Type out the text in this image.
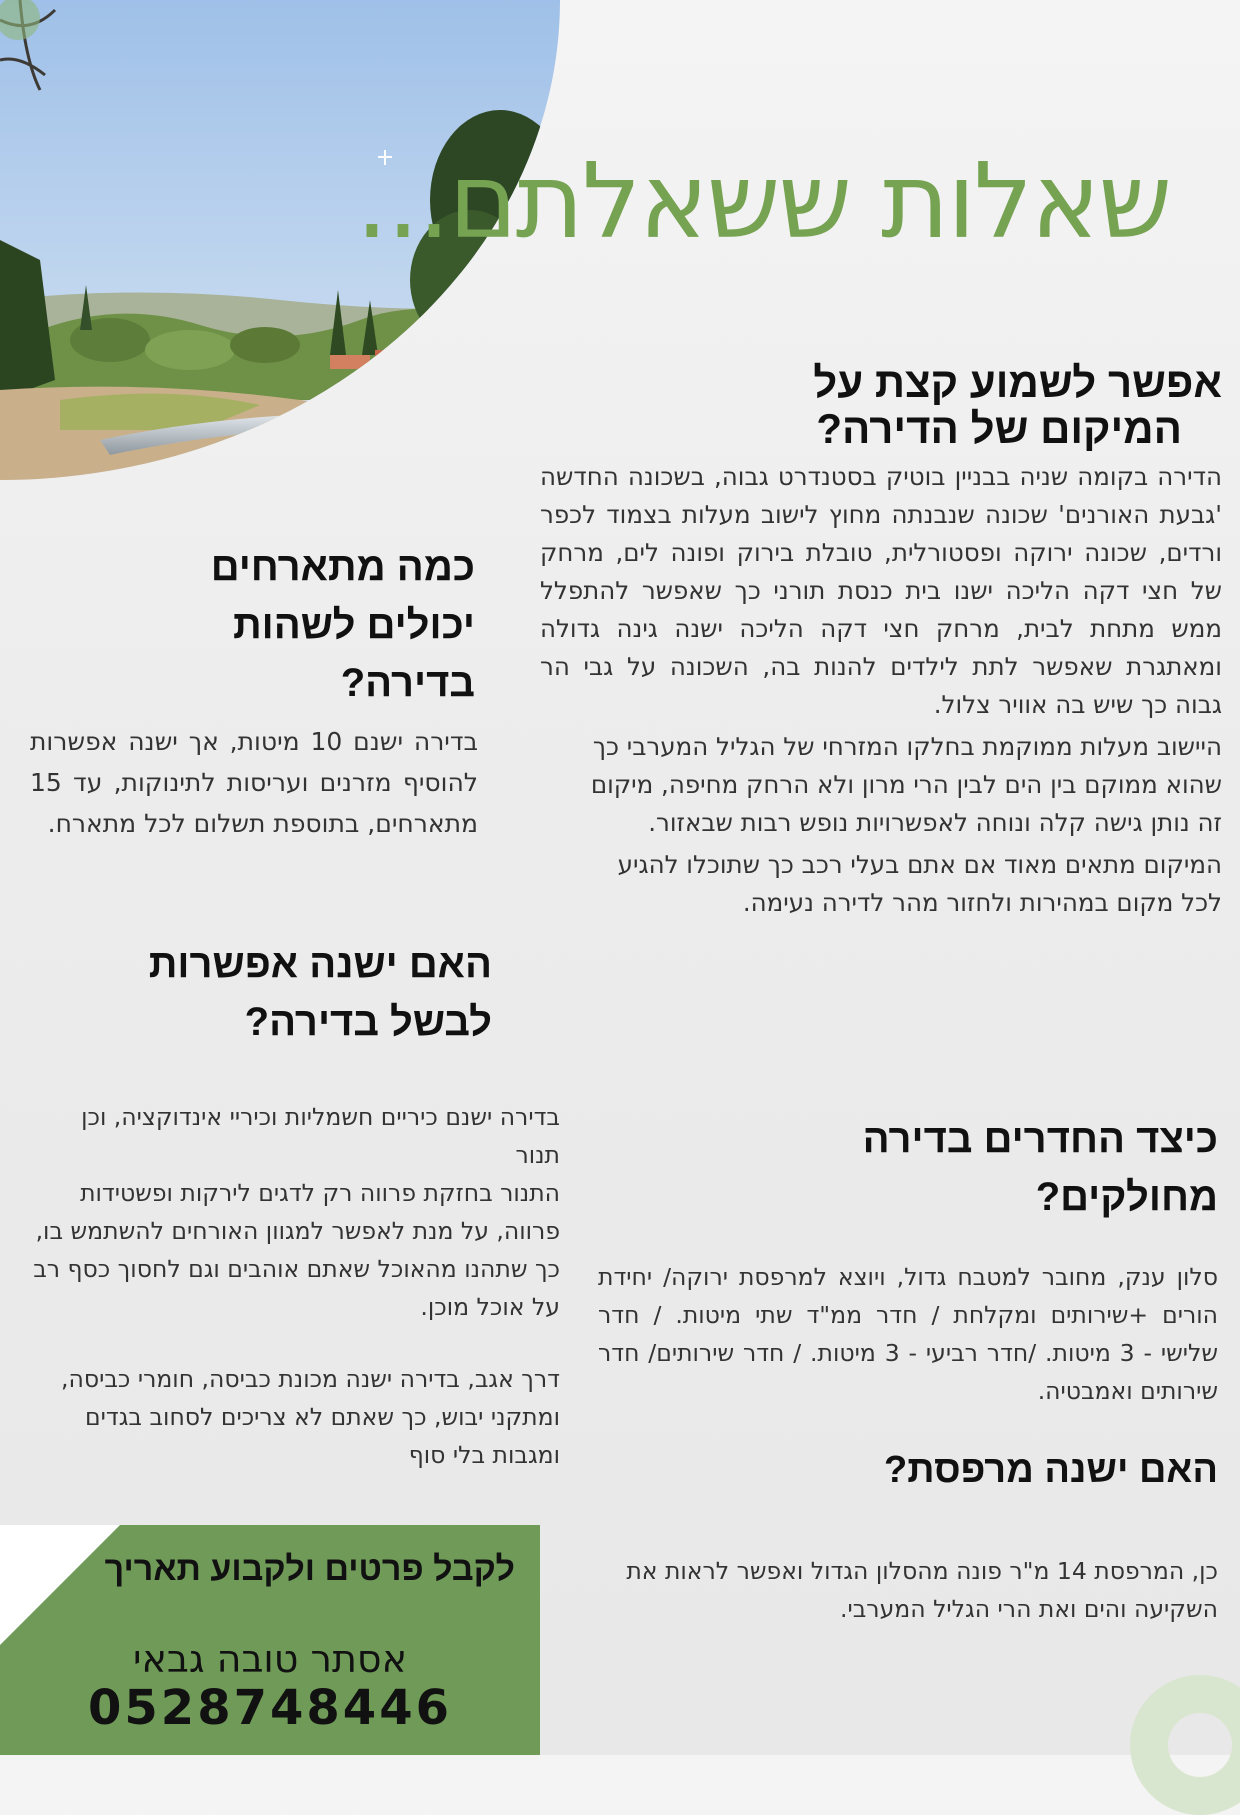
שאלות ששאלתם...
אפשר לשמוע קצת על
המיקום של הדירה?

הדירה בקומה שניה בבניין בוטיק בסטנדרט גבוה, בשכונה החדשה 'גבעת האורנים' שכונה שנבנתה מחוץ לישוב מעלות בצמוד לכפר ורדים, שכונה ירוקה ופסטורלית, טובלת בירוק ופונה לים, מרחק של חצי דקה הליכה ישנו בית כנסת תורני כך שאפשר להתפלל ממש מתחת לבית, מרחק חצי דקה הליכה ישנה גינה גדולה ומאתגרת שאפשר לתת לילדים להנות בה, השכונה על גבי הר גבוה כך שיש בה אוויר צלול.

היישוב מעלות ממוקמת בחלקו המזרחי של הגליל המערבי כך שהוא ממוקם בין הים לבין הרי מרון ולא הרחק מחיפה, מיקום זה נותן גישה קלה ונוחה לאפשרויות נופש רבות שבאזור.

המיקום מתאים מאוד אם אתם בעלי רכב כך שתוכלו להגיע לכל מקום במהירות ולחזור מהר לדירה נעימה.

כמה מתארחים
יכולים לשהות
בדירה?

בדירה ישנם 10 מיטות, אך ישנה אפשרות להוסיף מזרנים ועריסות לתינוקות, עד 15 מתארחים, בתוספת תשלום לכל מתארח.

האם ישנה אפשרות
לבשל בדירה?

בדירה ישנם כיריים חשמליות וכיריי אינדוקציה, וכן תנור

התנור בחזקת פרווה רק לדגים לירקות ופשטידות פרווה, על מנת לאפשר למגוון האורחים להשתמש בו, כך שתהנו מהאוכל שאתם אוהבים וגם לחסוך כסף רב על אוכל מוכן.

דרך אגב, בדירה ישנה מכונת כביסה, חומרי כביסה, ומתקני יבוש, כך שאתם לא צריכים לסחוב בגדים ומגבות בלי סוף

כיצד החדרים בדירה
מחולקים?

סלון ענק, מחובר למטבח גדול, ויוצא למרפסת ירוקה/ יחידת הורים +שירותים ומקלחת / חדר ממ"ד שתי מיטות. / חדר שלישי - 3 מיטות. /חדר רביעי - 3 מיטות. / חדר שירותים/ חדר שירותים ואמבטיה.

האם ישנה מרפסת?

כן, המרפסת 14 מ"ר פונה מהסלון הגדול ואפשר לראות את השקיעה והים ואת הרי הגליל המערבי.

לקבל פרטים ולקבוע תאריך

אסתר טובה גבאי

0528748446
